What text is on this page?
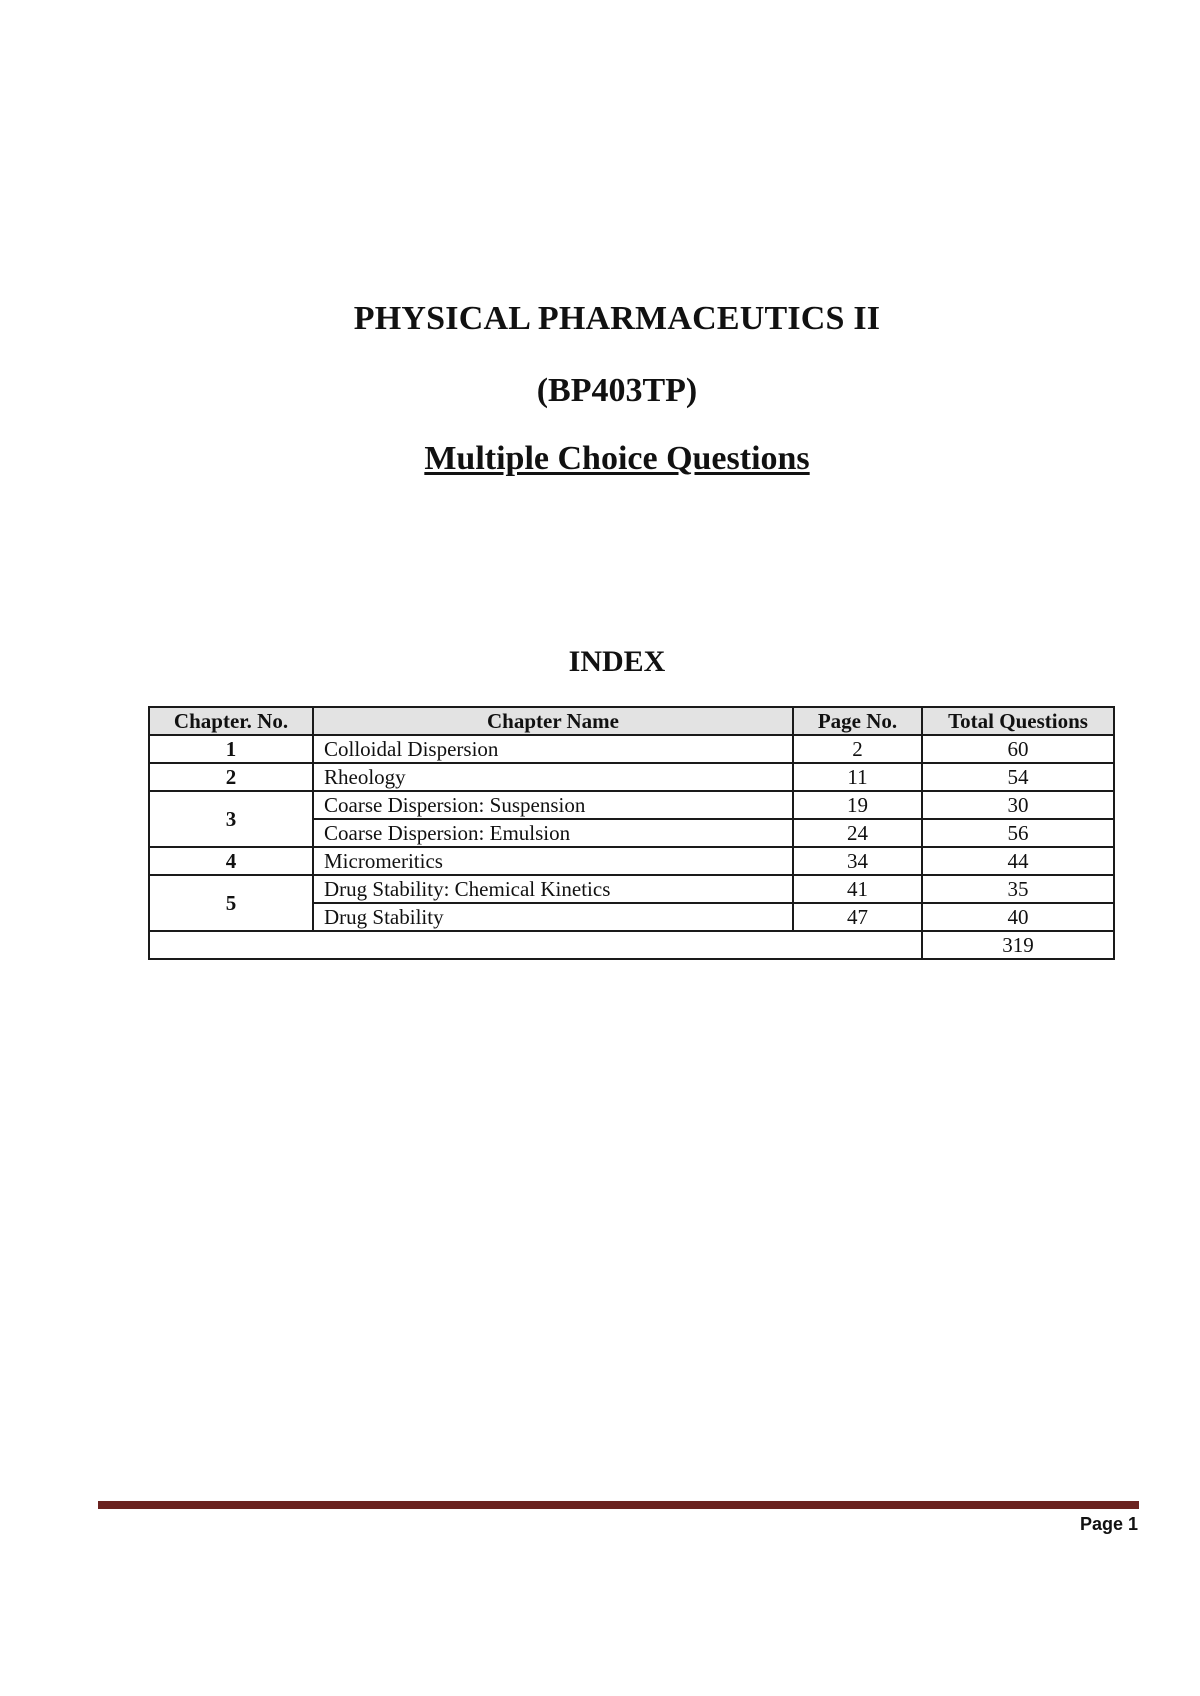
PHYSICAL PHARMACEUTICS II
(BP403TP)
Multiple Choice Questions
INDEX
Chapter. No.	Chapter Name	Page No.	Total Questions
1	Colloidal Dispersion	2	60
2	Rheology	11	54
3	Coarse Dispersion: Suspension	19	30
	Coarse Dispersion: Emulsion	24	56
4	Micromeritics	34	44
5	Drug Stability: Chemical Kinetics	41	35
	Drug Stability	47	40
			319
Page 1
